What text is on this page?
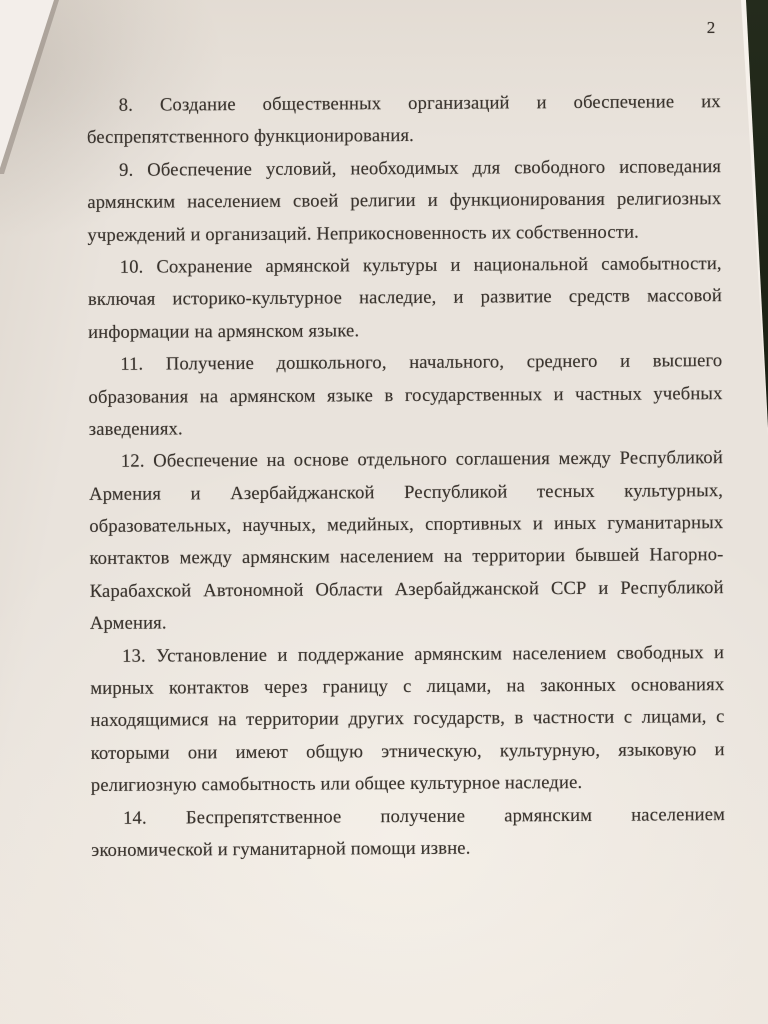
2
8. Создание общественных организаций и обеспечение их
беспрепятственного функционирования.
9. Обеспечение условий, необходимых для свободного исповедания
армянским населением своей религии и функционирования религиозных
учреждений и организаций. Неприкосновенность их собственности.
10. Сохранение армянской культуры и национальной самобытности,
включая историко-культурное наследие, и развитие средств массовой
информации на армянском языке.
11. Получение дошкольного, начального, среднего и высшего
образования на армянском языке в государственных и частных учебных
заведениях.
12. Обеспечение на основе отдельного соглашения между Республикой
Армения и Азербайджанской Республикой тесных культурных,
образовательных, научных, медийных, спортивных и иных гуманитарных
контактов между армянским населением на территории бывшей Нагорно-
Карабахской Автономной Области Азербайджанской ССР и Республикой
Армения.
13. Установление и поддержание армянским населением свободных и
мирных контактов через границу с лицами, на законных основаниях
находящимися на территории других государств, в частности с лицами, с
которыми они имеют общую этническую, культурную, языковую и
религиозную самобытность или общее культурное наследие.
14. Беспрепятственное получение армянским населением
экономической и гуманитарной помощи извне.
